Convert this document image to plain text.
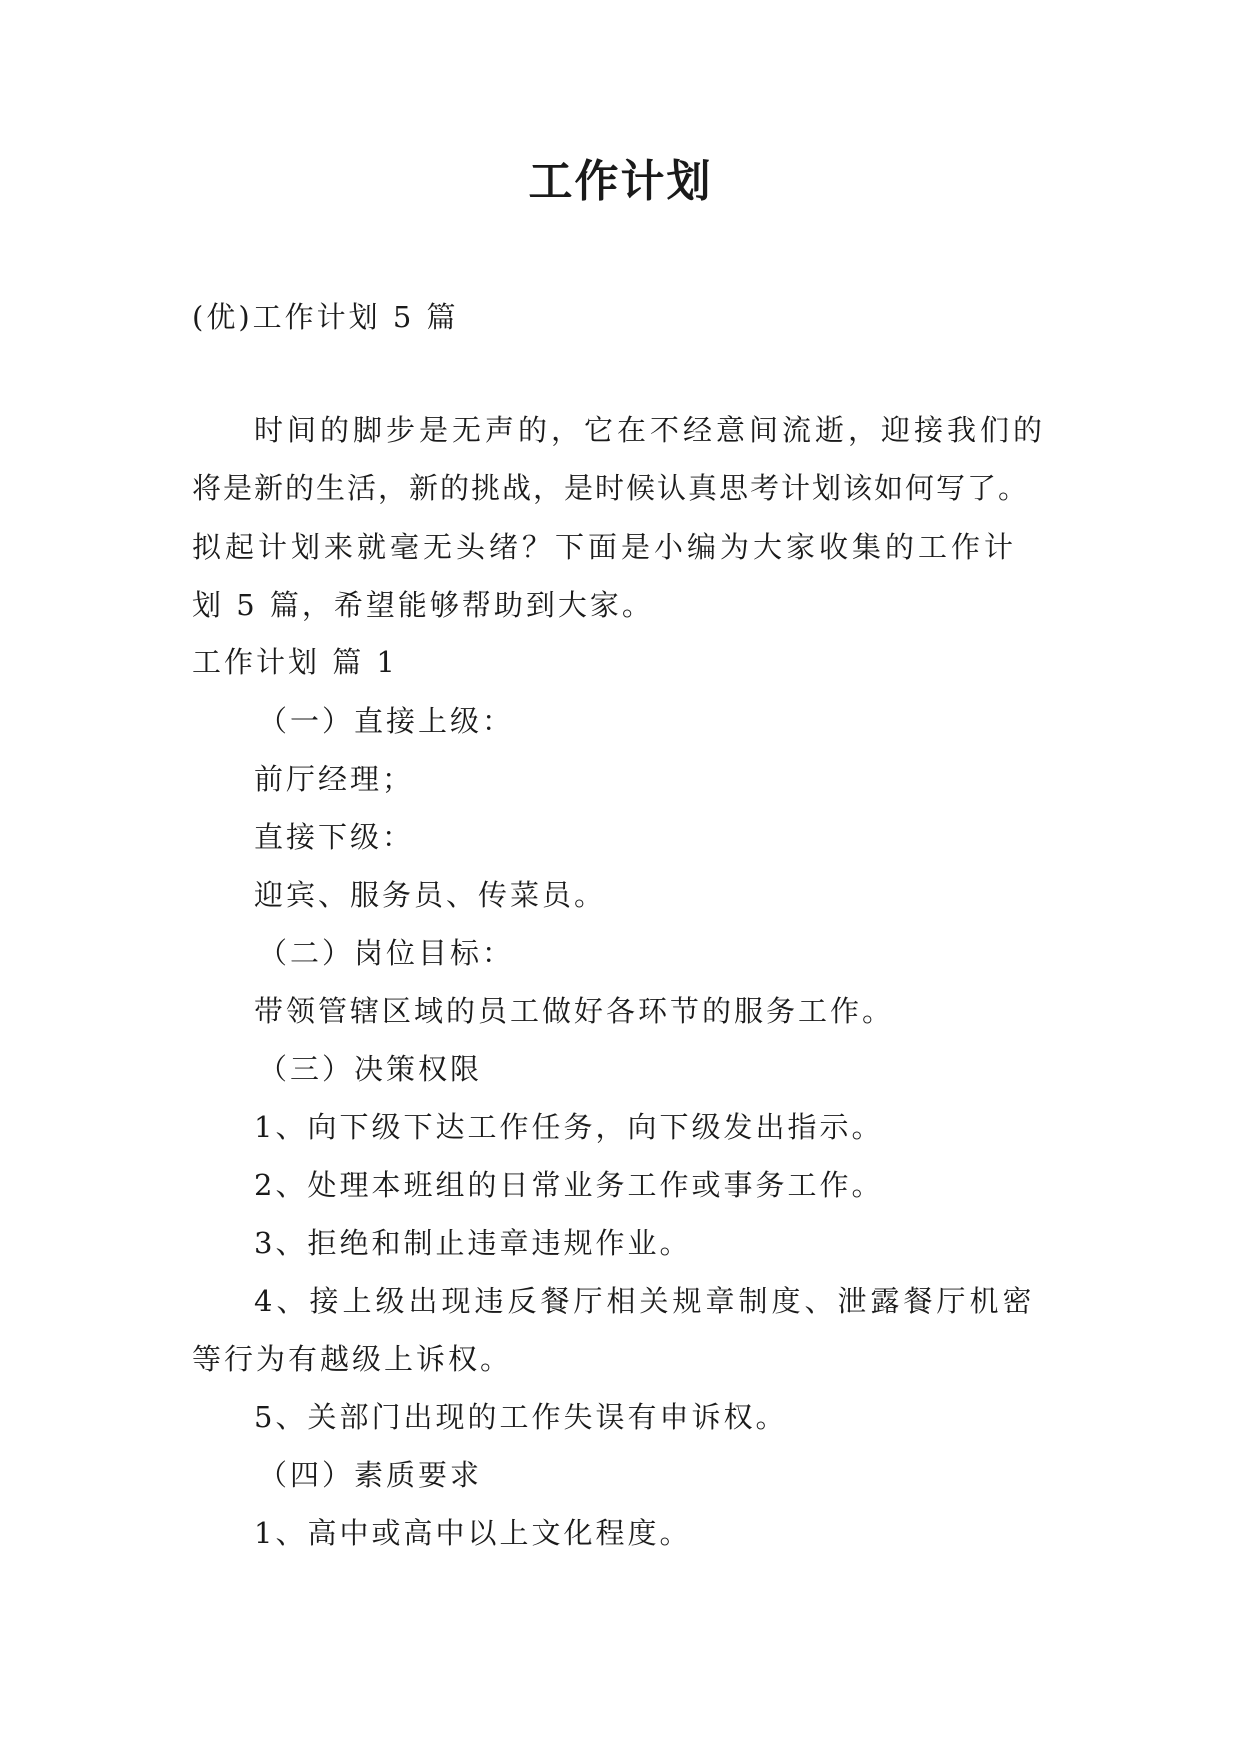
工作计划
(优)工作计划 5 篇
时间的脚步是无声的，它在不经意间流逝，迎接我们的
将是新的生活，新的挑战，是时候认真思考计划该如何写了。
拟起计划来就毫无头绪？下面是小编为大家收集的工作计
划 5 篇，希望能够帮助到大家。
工作计划 篇 1
（一）直接上级：
前厅经理；
直接下级：
迎宾、服务员、传菜员。
（二）岗位目标：
带领管辖区域的员工做好各环节的服务工作。
（三）决策权限
1、向下级下达工作任务，向下级发出指示。
2、处理本班组的日常业务工作或事务工作。
3、拒绝和制止违章违规作业。
4、接上级出现违反餐厅相关规章制度、泄露餐厅机密
等行为有越级上诉权。
5、关部门出现的工作失误有申诉权。
（四）素质要求
1、高中或高中以上文化程度。
